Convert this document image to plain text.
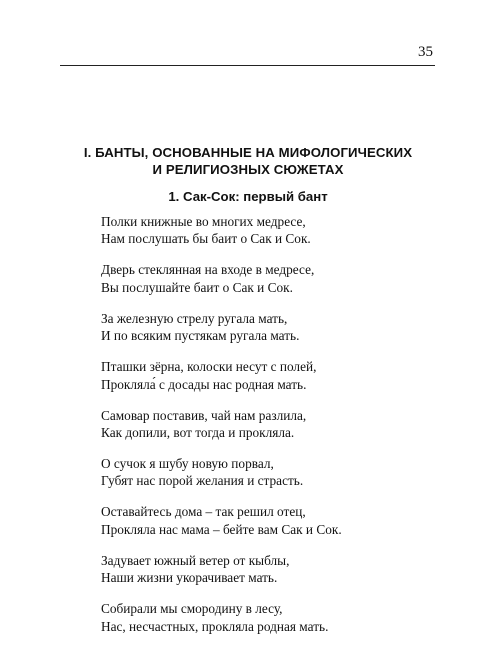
35
I. БАНТЫ, ОСНОВАННЫЕ НА МИФОЛОГИЧЕСКИХ
И РЕЛИГИОЗНЫХ СЮЖЕТАХ
1. Сак-Сок: первый бант
Полки книжные во многих медресе,
Нам послушать бы баит о Сак и Сок.
Дверь стеклянная на входе в медресе,
Вы послушайте баит о Сак и Сок.
За железную стрелу ругала мать,
И по всяким пустякам ругала мать.
Пташки зёрна, колоски несут с полей,
Прокляла́ с досады нас родная мать.
Самовар поставив, чай нам разлила,
Как допили, вот тогда и прокляла.
О сучок я шубу новую порвал,
Губят нас порой желания и страсть.
Оставайтесь дома – так решил отец,
Прокляла нас мама – бейте вам Сак и Сок.
Задувает южный ветер от кыблы,
Наши жизни укорачивает мать.
Собирали мы смородину в лесу,
Нас, несчастных, прокляла родная мать.
